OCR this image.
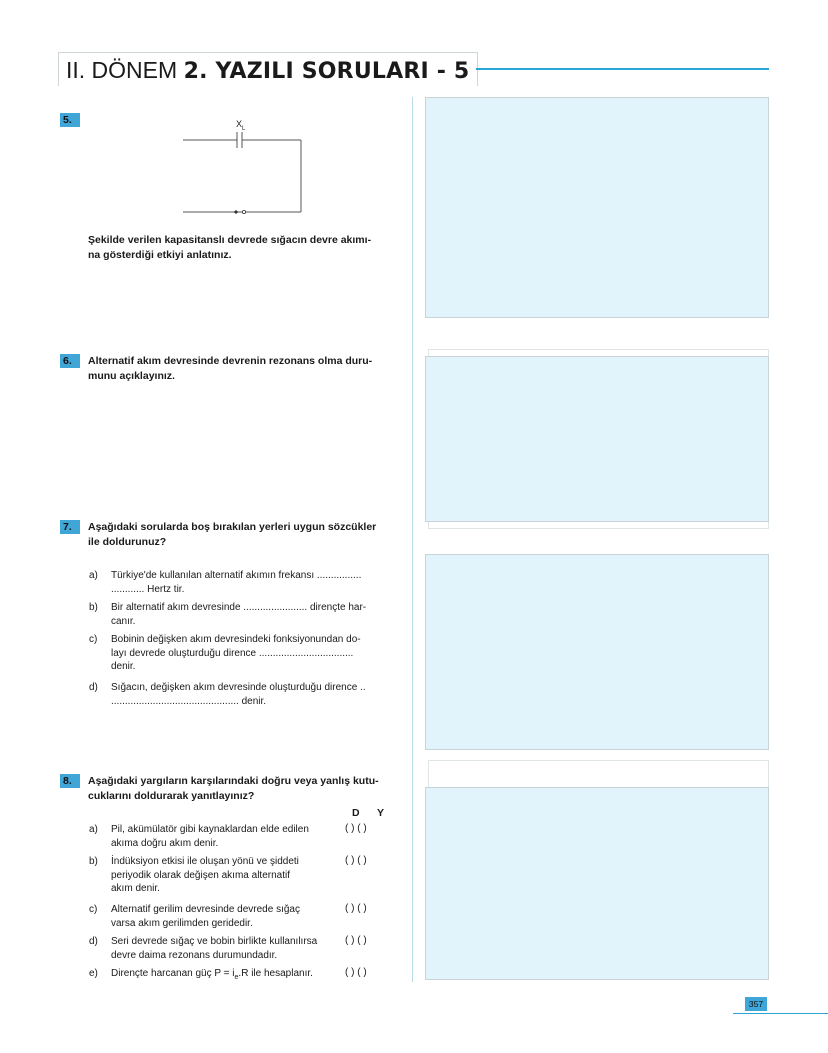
II. DÖNEM 2. YAZILI SORULARI - 5
5.	$X_L$
Şekilde verilen kapasitanslı devrede sığacın devre akımı-
na gösterdiği etkiyi anlatınız.
6.	Alternatif akım devresinde devrenin rezonans olma duru-
munu açıklayınız.
7.	Aşağıdaki sorularda boş bırakılan yerleri uygun sözcükler
ile doldurunuz?
a) Türkiye'de kullanılan alternatif akımın frekansı ................
............ Hertz tir.
b) Bir alternatif akım devresinde ....................... dirençte har-
canır.
c) Bobinin değişken akım devresindeki fonksiyonundan do-
layı devrede oluşturduğu dirence ..................................
denir.
d) Sığacın, değişken akım devresinde oluşturduğu dirence ..
.............................................. denir.
8.	Aşağıdaki yargıların karşılarındaki doğru veya yanlış kutu-
cuklarını doldurarak yanıtlayınız?
D Y
a) Pil, akümülatör gibi kaynaklardan elde edilen
akıma doğru akım denir.
( ) ( )
b) İndüksiyon etkisi ile oluşan yönü ve şiddeti
periyodik olarak değişen akıma alternatif
akım denir.
( ) ( )
c) Alternatif gerilim devresinde devrede sığaç
varsa akım gerilimden geridedir.
( ) ( )
d) Seri devrede sığaç ve bobin birlikte kullanılırsa
devre daima rezonans durumundadır.
( ) ( )
e) Dirençte harcanan güç $P = i_e.R$ ile hesaplanır.	( ) ( )
357
